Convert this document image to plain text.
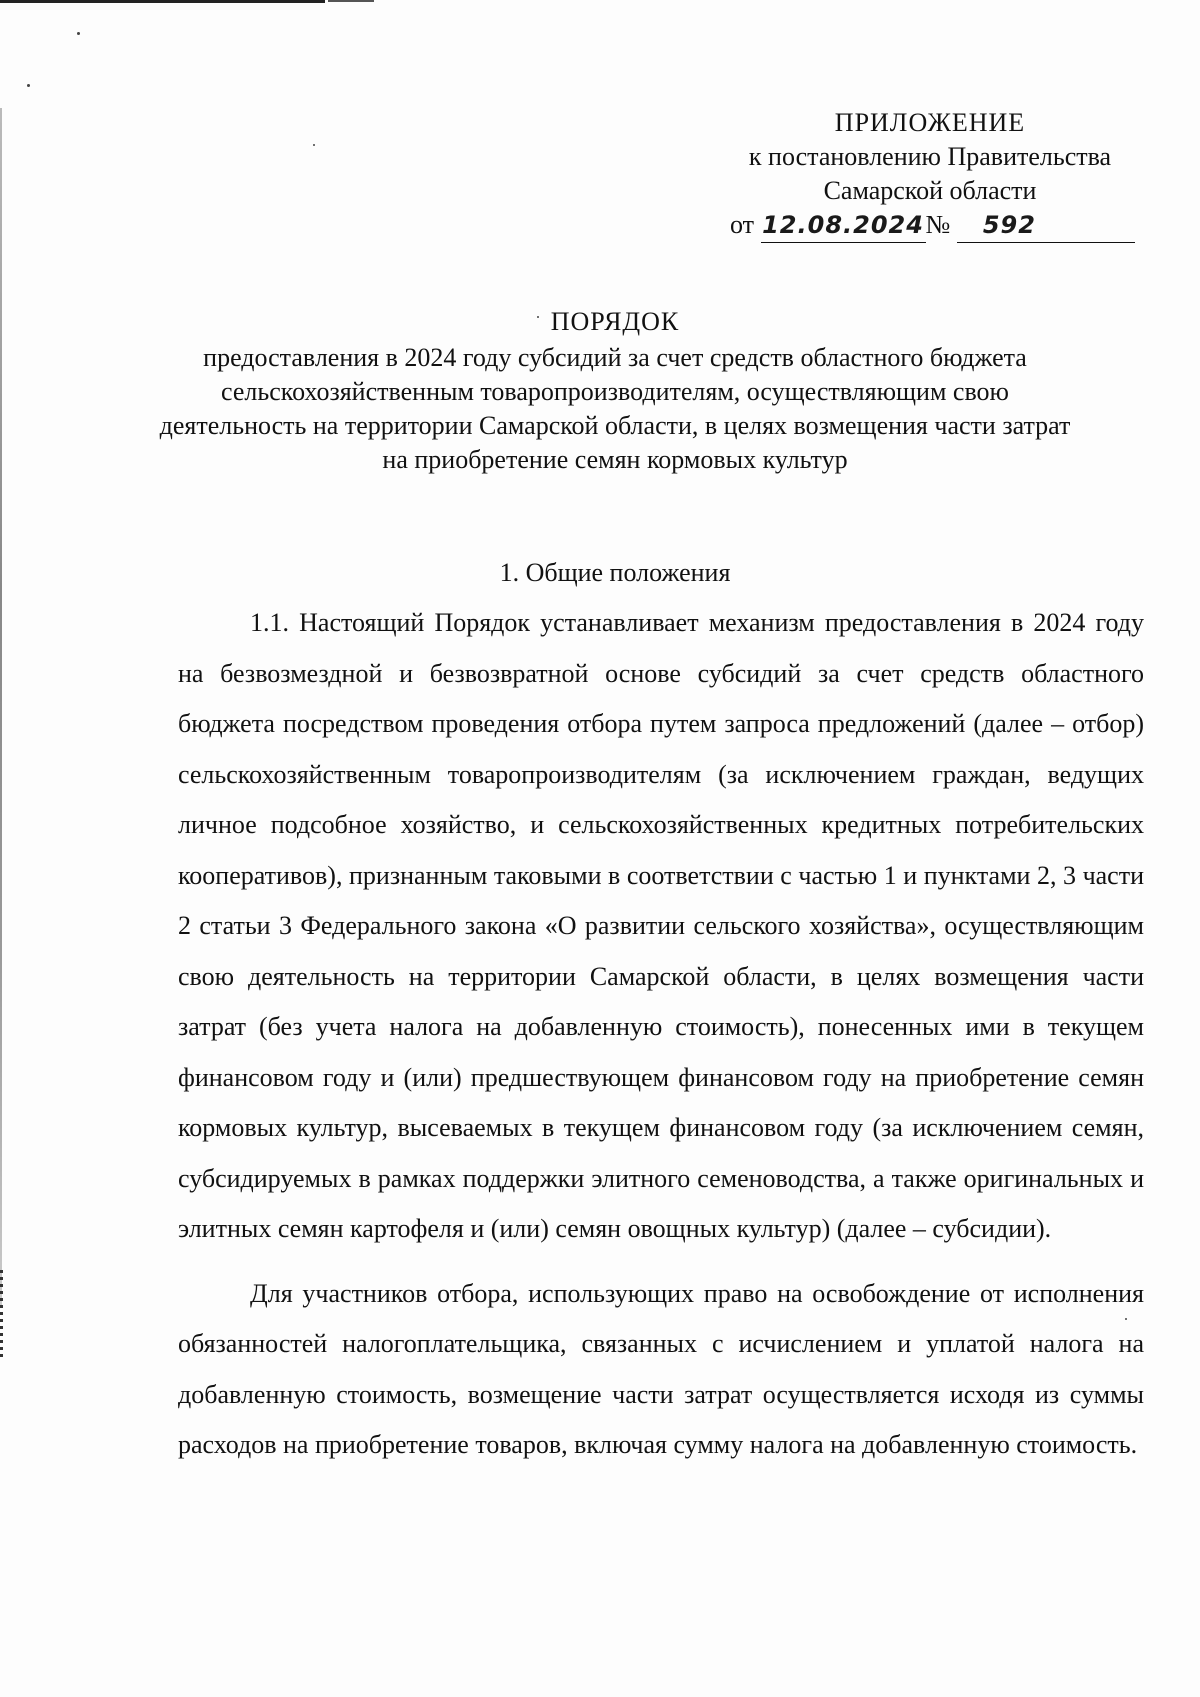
ПРИЛОЖЕНИЕ
к постановлению Правительства
Самарской области
от 12.08.2024№ 592
ПОРЯДОК
предоставления в 2024 году субсидий за счет средств областного бюджета сельскохозяйственным товаропроизводителям, осуществляющим свою деятельность на территории Самарской области, в целях возмещения части затрат на приобретение семян кормовых культур
1. Общие положения

1.1. Настоящий Порядок устанавливает механизм предоставления в 2024 году на безвозмездной и безвозвратной основе субсидий за счет средств областного бюджета посредством проведения отбора путем запроса предложений (далее – отбор) сельскохозяйственным товаропроизводителям (за исключением граждан, ведущих личное подсобное хозяйство, и сельскохозяйственных кредитных потребительских кооперативов), признанным таковыми в соответствии с частью 1 и пунктами 2, 3 части 2 статьи 3 Федерального закона «О развитии сельского хозяйства», осуществляющим свою деятельность на территории Самарской области, в целях возмещения части затрат (без учета налога на добавленную стоимость), понесенных ими в текущем финансовом году и (или) предшествующем финансовом году на приобретение семян кормовых культур, высеваемых в текущем финансовом году (за исключением семян, субсидируемых в рамках поддержки элитного семеноводства, а также оригинальных и элитных семян картофеля и (или) семян овощных культур) (далее – субсидии).

Для участников отбора, использующих право на освобождение от исполнения обязанностей налогоплательщика, связанных с исчислением и уплатой налога на добавленную стоимость, возмещение части затрат осуществляется исходя из суммы расходов на приобретение товаров, включая сумму налога на добавленную стоимость.
